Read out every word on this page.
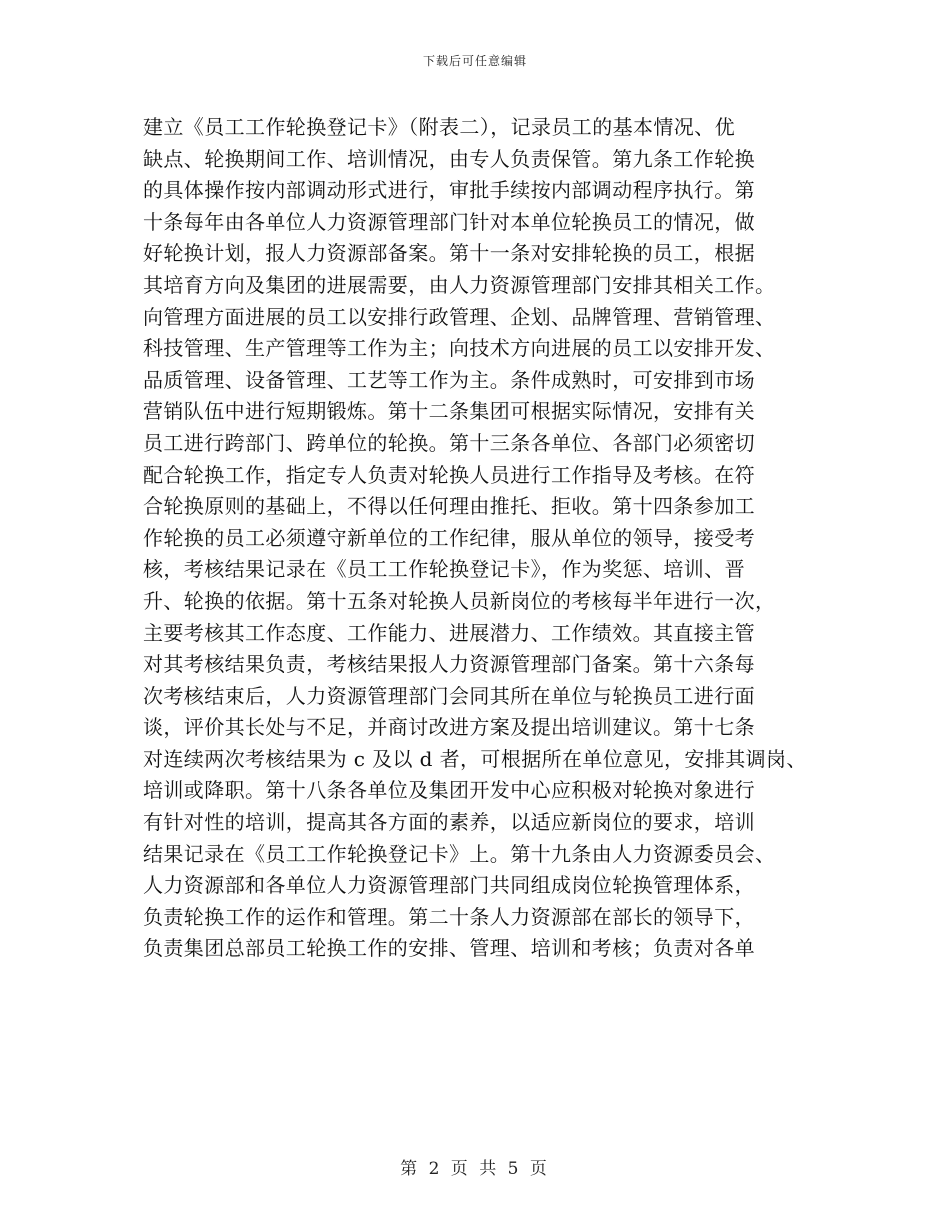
下载后可任意编辑
建立《员工工作轮换登记卡》（附表二），记录员工的基本情况、优
缺点、轮换期间工作、培训情况，由专人负责保管。第九条工作轮换
的具体操作按内部调动形式进行，审批手续按内部调动程序执行。第
十条每年由各单位人力资源管理部门针对本单位轮换员工的情况，做
好轮换计划，报人力资源部备案。第十一条对安排轮换的员工，根据
其培育方向及集团的进展需要，由人力资源管理部门安排其相关工作。
向管理方面进展的员工以安排行政管理、企划、品牌管理、营销管理、
科技管理、生产管理等工作为主；向技术方向进展的员工以安排开发、
品质管理、设备管理、工艺等工作为主。条件成熟时，可安排到市场
营销队伍中进行短期锻炼。第十二条集团可根据实际情况，安排有关
员工进行跨部门、跨单位的轮换。第十三条各单位、各部门必须密切
配合轮换工作，指定专人负责对轮换人员进行工作指导及考核。在符
合轮换原则的基础上，不得以任何理由推托、拒收。第十四条参加工
作轮换的员工必须遵守新单位的工作纪律，服从单位的领导，接受考
核，考核结果记录在《员工工作轮换登记卡》，作为奖惩、培训、晋
升、轮换的依据。第十五条对轮换人员新岗位的考核每半年进行一次，
主要考核其工作态度、工作能力、进展潜力、工作绩效。其直接主管
对其考核结果负责，考核结果报人力资源管理部门备案。第十六条每
次考核结束后，人力资源管理部门会同其所在单位与轮换员工进行面
谈，评价其长处与不足，并商讨改进方案及提出培训建议。第十七条
对连续两次考核结果为 c 及以 d 者，可根据所在单位意见，安排其调岗、
培训或降职。第十八条各单位及集团开发中心应积极对轮换对象进行
有针对性的培训，提高其各方面的素养，以适应新岗位的要求，培训
结果记录在《员工工作轮换登记卡》上。第十九条由人力资源委员会、
人力资源部和各单位人力资源管理部门共同组成岗位轮换管理体系，
负责轮换工作的运作和管理。第二十条人力资源部在部长的领导下，
负责集团总部员工轮换工作的安排、管理、培训和考核；负责对各单
第 2 页 共 5 页
